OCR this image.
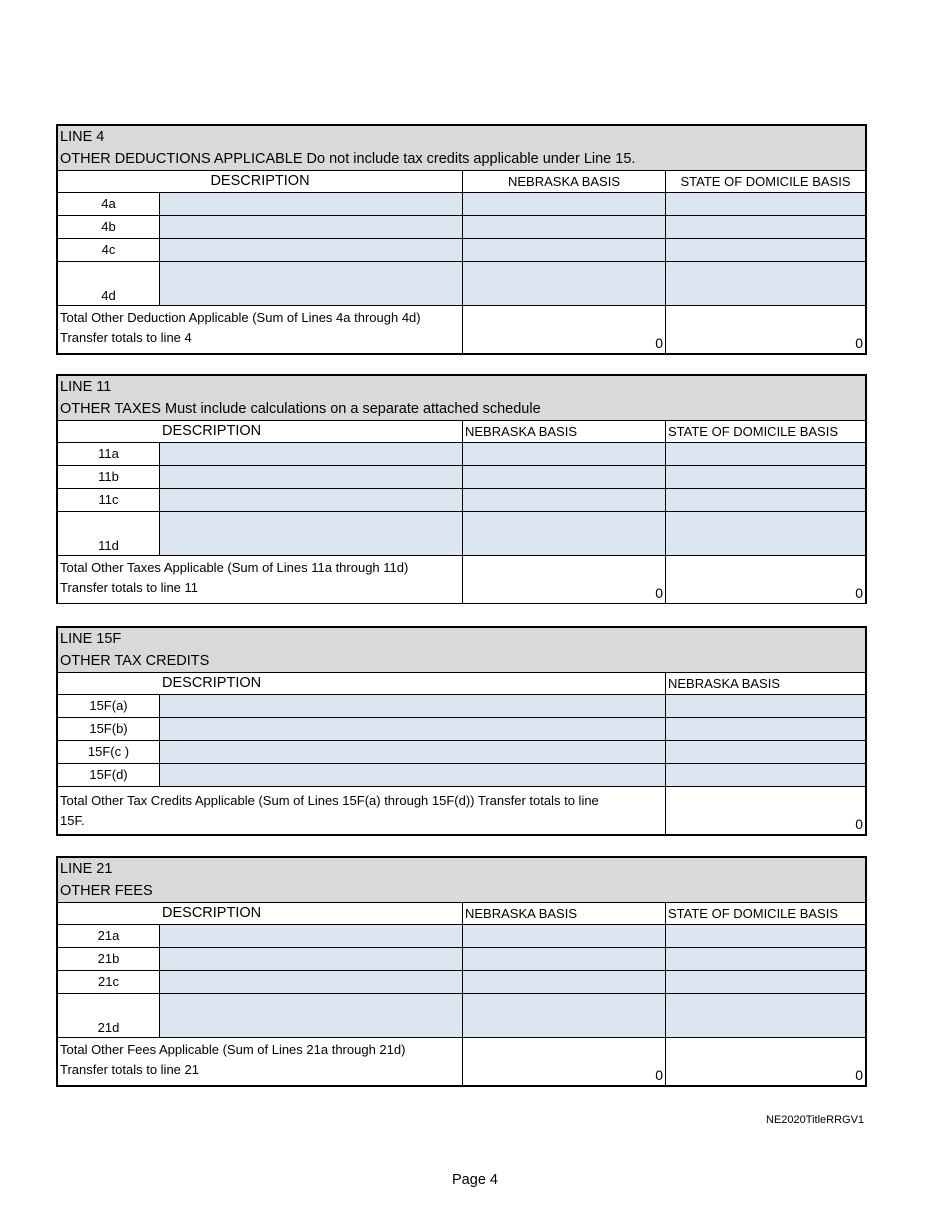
LINE 4
OTHER DEDUCTIONS APPLICABLE Do not include tax credits applicable under Line 15.
DESCRIPTION	NEBRASKA BASIS	STATE OF DOMICILE BASIS
4a
4b
4c
4d
Total Other Deduction Applicable (Sum of Lines 4a through 4d)
Transfer totals to line 4	0	0
LINE 11
OTHER TAXES Must include calculations on a separate attached schedule
DESCRIPTION	NEBRASKA BASIS	STATE OF DOMICILE BASIS
11a
11b
11c
11d
Total Other Taxes Applicable (Sum of Lines 11a through 11d)
Transfer totals to line 11	0	0
LINE 15F
OTHER TAX CREDITS
DESCRIPTION	NEBRASKA BASIS
15F(a)
15F(b)
15F(c )
15F(d)
Total Other Tax Credits Applicable (Sum of Lines 15F(a) through 15F(d)) Transfer totals to line
15F.	0
LINE 21
OTHER FEES
DESCRIPTION	NEBRASKA BASIS	STATE OF DOMICILE BASIS
21a
21b
21c
21d
Total Other Fees Applicable (Sum of Lines 21a through 21d)
Transfer totals to line 21	0	0
NE2020TitleRRGV1
Page 4
